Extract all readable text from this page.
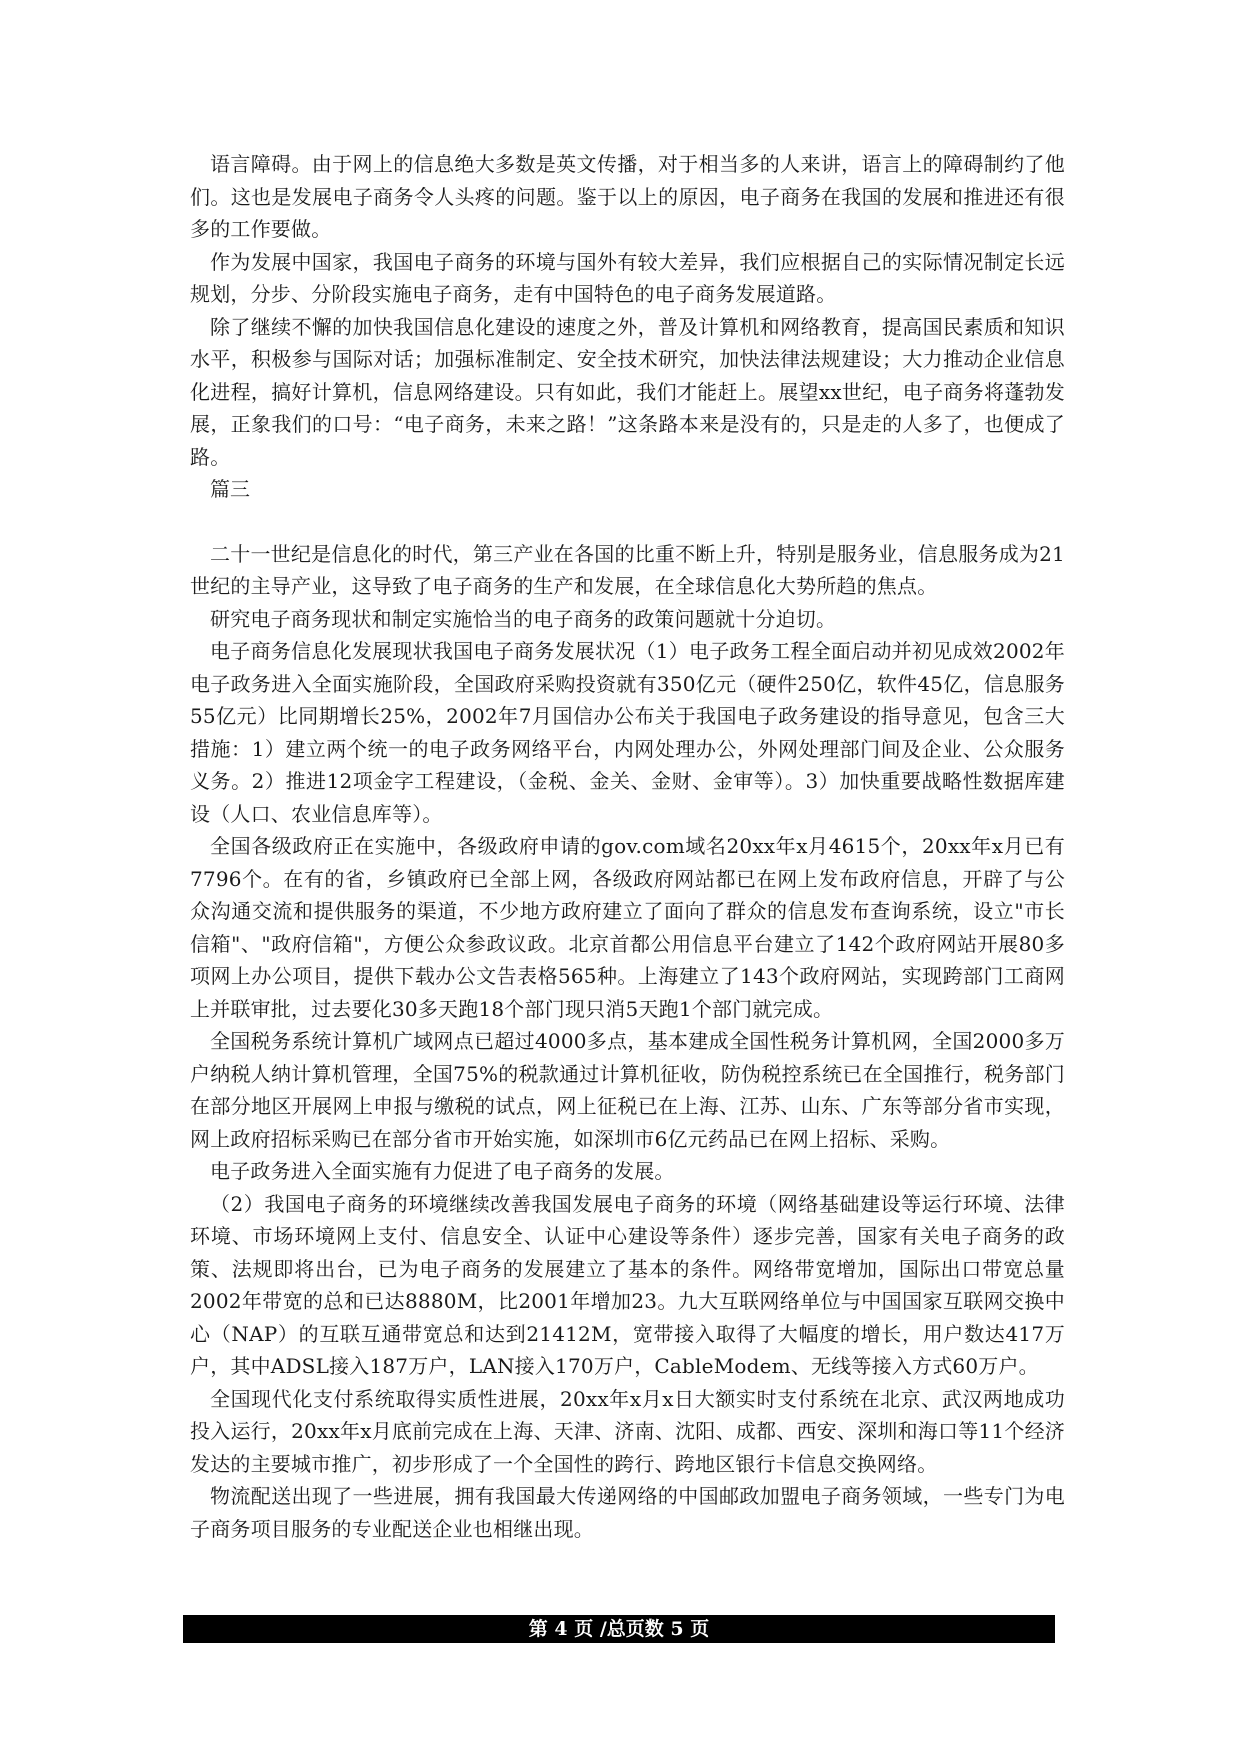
语言障碍。由于网上的信息绝大多数是英文传播，对于相当多的人来讲，语言上的障碍制约了他们。这也是发展电子商务令人头疼的问题。鉴于以上的原因，电子商务在我国的发展和推进还有很多的工作要做。

作为发展中国家，我国电子商务的环境与国外有较大差异，我们应根据自己的实际情况制定长远规划，分步、分阶段实施电子商务，走有中国特色的电子商务发展道路。

除了继续不懈的加快我国信息化建设的速度之外，普及计算机和网络教育，提高国民素质和知识水平，积极参与国际对话；加强标准制定、安全技术研究，加快法律法规建设；大力推动企业信息化进程，搞好计算机，信息网络建设。只有如此，我们才能赶上。展望xx世纪，电子商务将蓬勃发展，正象我们的口号：“电子商务，未来之路！”这条路本来是没有的，只是走的人多了，也便成了路。

篇三

二十一世纪是信息化的时代，第三产业在各国的比重不断上升，特别是服务业，信息服务成为21世纪的主导产业，这导致了电子商务的生产和发展，在全球信息化大势所趋的焦点。

研究电子商务现状和制定实施恰当的电子商务的政策问题就十分迫切。

电子商务信息化发展现状我国电子商务发展状况（1）电子政务工程全面启动并初见成效2002年电子政务进入全面实施阶段，全国政府采购投资就有350亿元（硬件250亿，软件45亿，信息服务55亿元）比同期增长25%，2002年7月国信办公布关于我国电子政务建设的指导意见，包含三大措施：1）建立两个统一的电子政务网络平台，内网处理办公，外网处理部门间及企业、公众服务义务。2）推进12项金字工程建设，（金税、金关、金财、金审等）。3）加快重要战略性数据库建设（人口、农业信息库等）。

全国各级政府正在实施中，各级政府申请的gov.com域名20xx年x月4615个，20xx年x月已有7796个。在有的省，乡镇政府已全部上网，各级政府网站都已在网上发布政府信息，开辟了与公众沟通交流和提供服务的渠道，不少地方政府建立了面向了群众的信息发布查询系统，设立"市长信箱"、"政府信箱"，方便公众参政议政。北京首都公用信息平台建立了142个政府网站开展80多项网上办公项目，提供下载办公文告表格565种。上海建立了143个政府网站，实现跨部门工商网上并联审批，过去要化30多天跑18个部门现只消5天跑1个部门就完成。

全国税务系统计算机广域网点已超过4000多点，基本建成全国性税务计算机网，全国2000多万户纳税人纳计算机管理，全国75%的税款通过计算机征收，防伪税控系统已在全国推行，税务部门在部分地区开展网上申报与缴税的试点，网上征税已在上海、江苏、山东、广东等部分省市实现，网上政府招标采购已在部分省市开始实施，如深圳市6亿元药品已在网上招标、采购。

电子政务进入全面实施有力促进了电子商务的发展。

（2）我国电子商务的环境继续改善我国发展电子商务的环境（网络基础建设等运行环境、法律环境、市场环境网上支付、信息安全、认证中心建设等条件）逐步完善，国家有关电子商务的政策、法规即将出台，已为电子商务的发展建立了基本的条件。网络带宽增加，国际出口带宽总量2002年带宽的总和已达8880M，比2001年增加23。九大互联网络单位与中国国家互联网交换中心（NAP）的互联互通带宽总和达到21412M，宽带接入取得了大幅度的增长，用户数达417万户，其中ADSL接入187万户，LAN接入170万户，CableModem、无线等接入方式60万户。

全国现代化支付系统取得实质性进展，20xx年x月x日大额实时支付系统在北京、武汉两地成功投入运行，20xx年x月底前完成在上海、天津、济南、沈阳、成都、西安、深圳和海口等11个经济发达的主要城市推广，初步形成了一个全国性的跨行、跨地区银行卡信息交换网络。

物流配送出现了一些进展，拥有我国最大传递网络的中国邮政加盟电子商务领域，一些专门为电子商务项目服务的专业配送企业也相继出现。

第 4 页 /总页数 5 页
